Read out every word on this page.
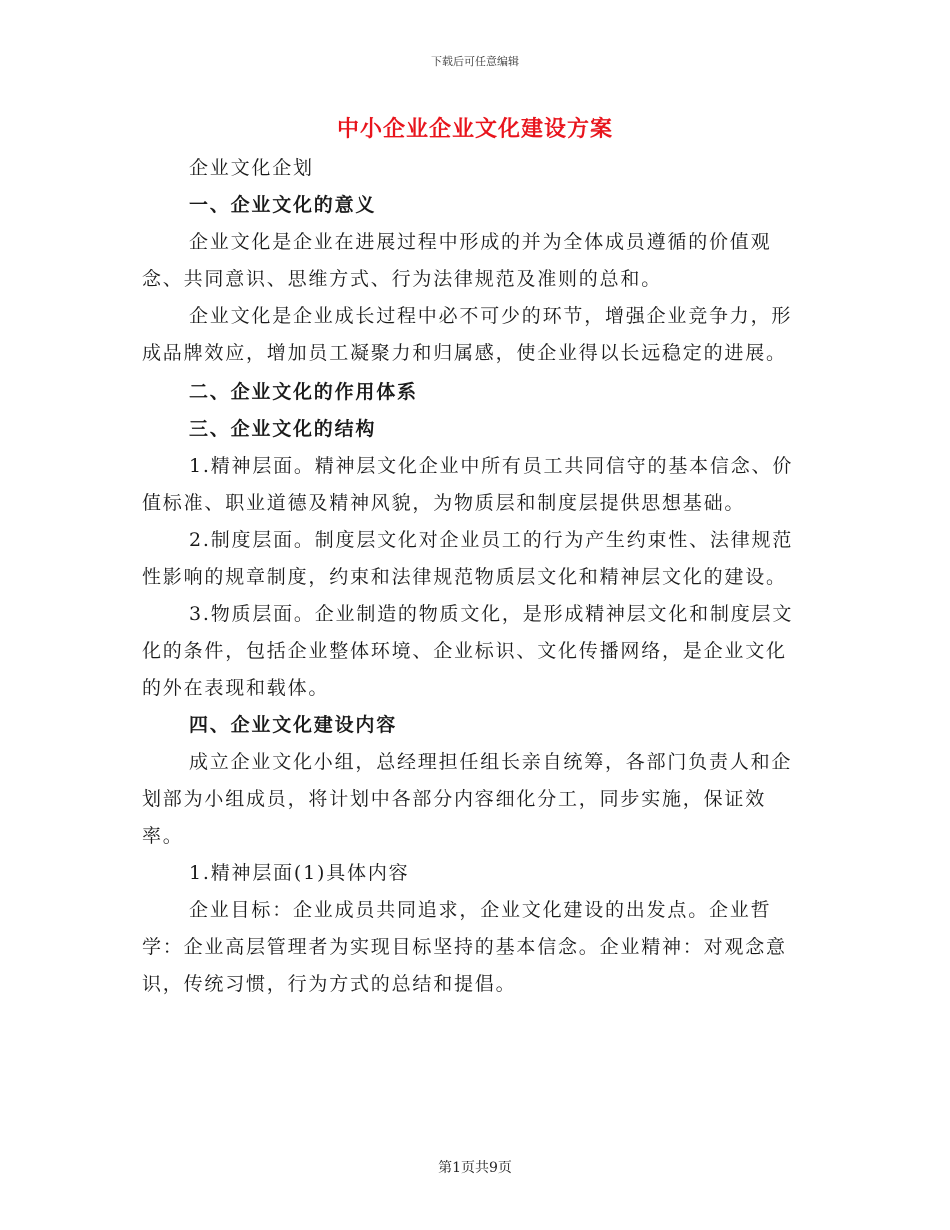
下载后可任意编辑
中小企业企业文化建设方案

企业文化企划

一、企业文化的意义

企业文化是企业在进展过程中形成的并为全体成员遵循的价值观念、共同意识、思维方式、行为法律规范及准则的总和。

企业文化是企业成长过程中必不可少的环节，增强企业竞争力，形成品牌效应，增加员工凝聚力和归属感，使企业得以长远稳定的进展。

二、企业文化的作用体系

三、企业文化的结构

1.精神层面。精神层文化企业中所有员工共同信守的基本信念、价值标准、职业道德及精神风貌，为物质层和制度层提供思想基础。

2.制度层面。制度层文化对企业员工的行为产生约束性、法律规范性影响的规章制度，约束和法律规范物质层文化和精神层文化的建设。

3.物质层面。企业制造的物质文化，是形成精神层文化和制度层文化的条件，包括企业整体环境、企业标识、文化传播网络，是企业文化的外在表现和载体。

四、企业文化建设内容

成立企业文化小组，总经理担任组长亲自统筹，各部门负责人和企划部为小组成员，将计划中各部分内容细化分工，同步实施，保证效率。

1.精神层面(1)具体内容

企业目标：企业成员共同追求，企业文化建设的出发点。企业哲学：企业高层管理者为实现目标坚持的基本信念。企业精神：对观念意识，传统习惯，行为方式的总结和提倡。

第1页共9页
